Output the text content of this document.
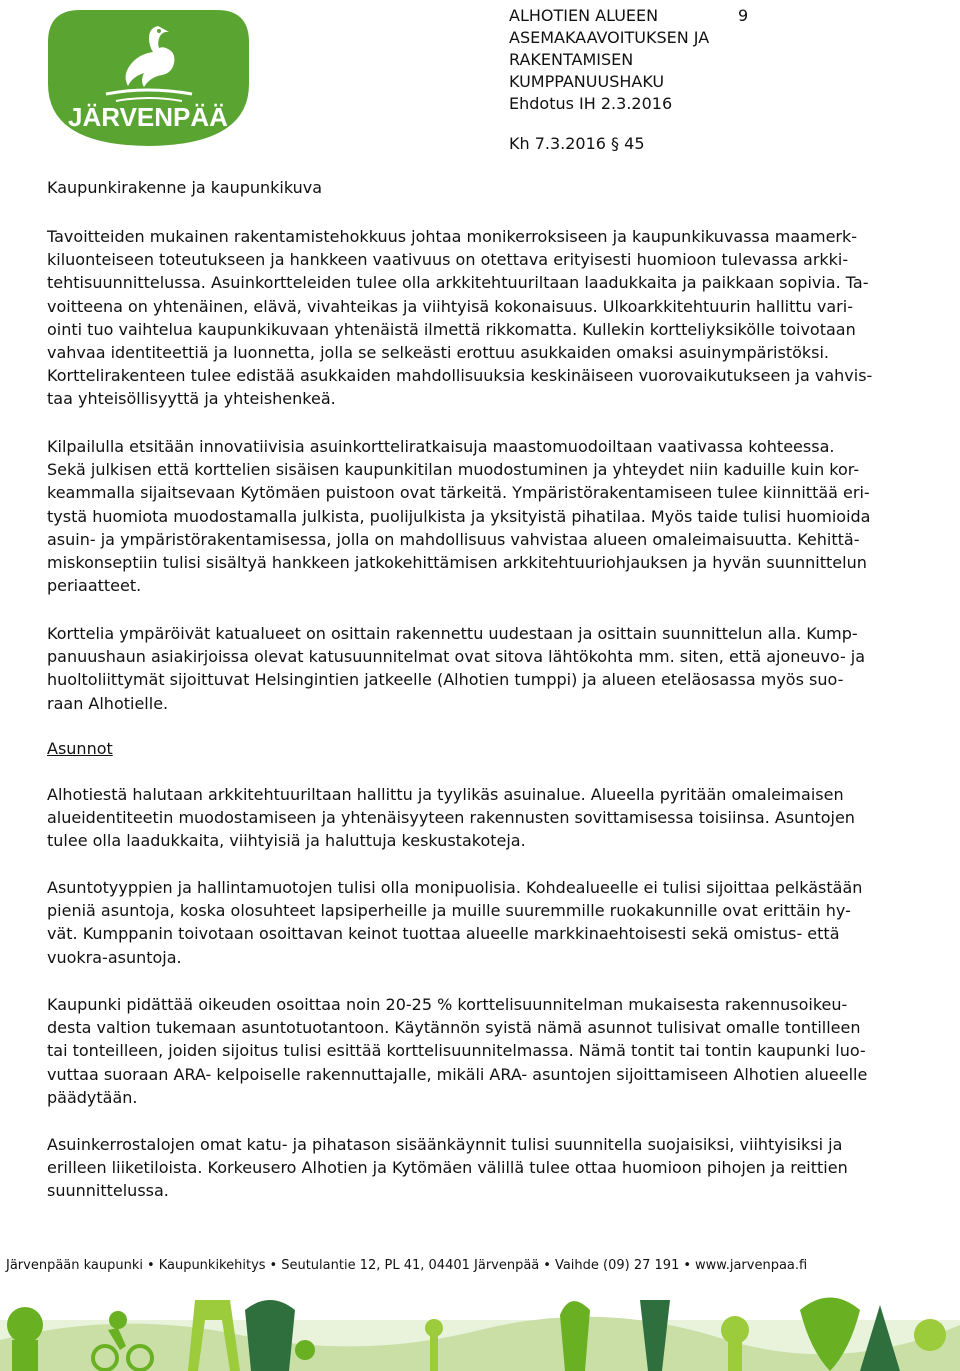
JÄRVENPÄÄ
ALHOTIEN ALUEEN
ASEMAKAAVOITUKSEN JA
RAKENTAMISEN
KUMPPANUUSHAKU
Ehdotus IH 2.3.2016
9
Kh 7.3.2016 § 45
Kaupunkirakenne ja kaupunkikuva
Tavoitteiden mukainen rakentamistehokkuus johtaa monikerroksiseen ja kaupunkikuvassa maamerk-
kiluonteiseen toteutukseen ja hankkeen vaativuus on otettava erityisesti huomioon tulevassa arkki-
tehtisuunnittelussa. Asuinkortteleiden tulee olla arkkitehtuuriltaan laadukkaita ja paikkaan sopivia. Ta-
voitteena on yhtenäinen, elävä, vivahteikas ja viihtyisä kokonaisuus. Ulkoarkkitehtuurin hallittu vari-
ointi tuo vaihtelua kaupunkikuvaan yhtenäistä ilmettä rikkomatta. Kullekin kortteliyksikölle toivotaan
vahvaa identiteettiä ja luonnetta, jolla se selkeästi erottuu asukkaiden omaksi asuinympäristöksi.
Korttelirakenteen tulee edistää asukkaiden mahdollisuuksia keskinäiseen vuorovaikutukseen ja vahvis-
taa yhteisöllisyyttä ja yhteishenkeä.
Kilpailulla etsitään innovatiivisia asuinkortteliratkaisuja maastomuodoiltaan vaativassa kohteessa.
Sekä julkisen että korttelien sisäisen kaupunkitilan muodostuminen ja yhteydet niin kaduille kuin kor-
keammalla sijaitsevaan Kytömäen puistoon ovat tärkeitä. Ympäristörakentamiseen tulee kiinnittää eri-
tystä huomiota muodostamalla julkista, puolijulkista ja yksityistä pihatilaa. Myös taide tulisi huomioida
asuin- ja ympäristörakentamisessa, jolla on mahdollisuus vahvistaa alueen omaleimaisuutta. Kehittä-
miskonseptiin tulisi sisältyä hankkeen jatkokehittämisen arkkitehtuuriohjauksen ja hyvän suunnittelun
periaatteet.
Korttelia ympäröivät katualueet on osittain rakennettu uudestaan ja osittain suunnittelun alla. Kump-
panuushaun asiakirjoissa olevat katusuunnitelmat ovat sitova lähtökohta mm. siten, että ajoneuvo- ja
huoltoliittymät sijoittuvat Helsingintien jatkeelle (Alhotien tumppi) ja alueen eteläosassa myös suo-
raan Alhotielle.
Asunnot
Alhotiestä halutaan arkkitehtuuriltaan hallittu ja tyylikäs asuinalue. Alueella pyritään omaleimaisen
alueidentiteetin muodostamiseen ja yhtenäisyyteen rakennusten sovittamisessa toisiinsa. Asuntojen
tulee olla laadukkaita, viihtyisiä ja haluttuja keskustakoteja.
Asuntotyyppien ja hallintamuotojen tulisi olla monipuolisia. Kohdealueelle ei tulisi sijoittaa pelkästään
pieniä asuntoja, koska olosuhteet lapsiperheille ja muille suuremmille ruokakunnille ovat erittäin hy-
vät. Kumppanin toivotaan osoittavan keinot tuottaa alueelle markkinaehtoisesti sekä omistus- että
vuokra-asuntoja.
Kaupunki pidättää oikeuden osoittaa noin 20-25 % korttelisuunnitelman mukaisesta rakennusoikeu-
desta valtion tukemaan asuntotuotantoon. Käytännön syistä nämä asunnot tulisivat omalle tontilleen
tai tonteilleen, joiden sijoitus tulisi esittää korttelisuunnitelmassa. Nämä tontit tai tontin kaupunki luo-
vuttaa suoraan ARA- kelpoiselle rakennuttajalle, mikäli ARA- asuntojen sijoittamiseen Alhotien alueelle
päädytään.
Asuinkerrostalojen omat katu- ja pihatason sisäänkäynnit tulisi suunnitella suojaisiksi, viihtyisiksi ja
erilleen liiketiloista. Korkeusero Alhotien ja Kytömäen välillä tulee ottaa huomioon pihojen ja reittien
suunnittelussa.
Järvenpään kaupunki • Kaupunkikehitys • Seutulantie 12, PL 41, 04401 Järvenpää • Vaihde (09) 27 191 • www.jarvenpaa.fi
